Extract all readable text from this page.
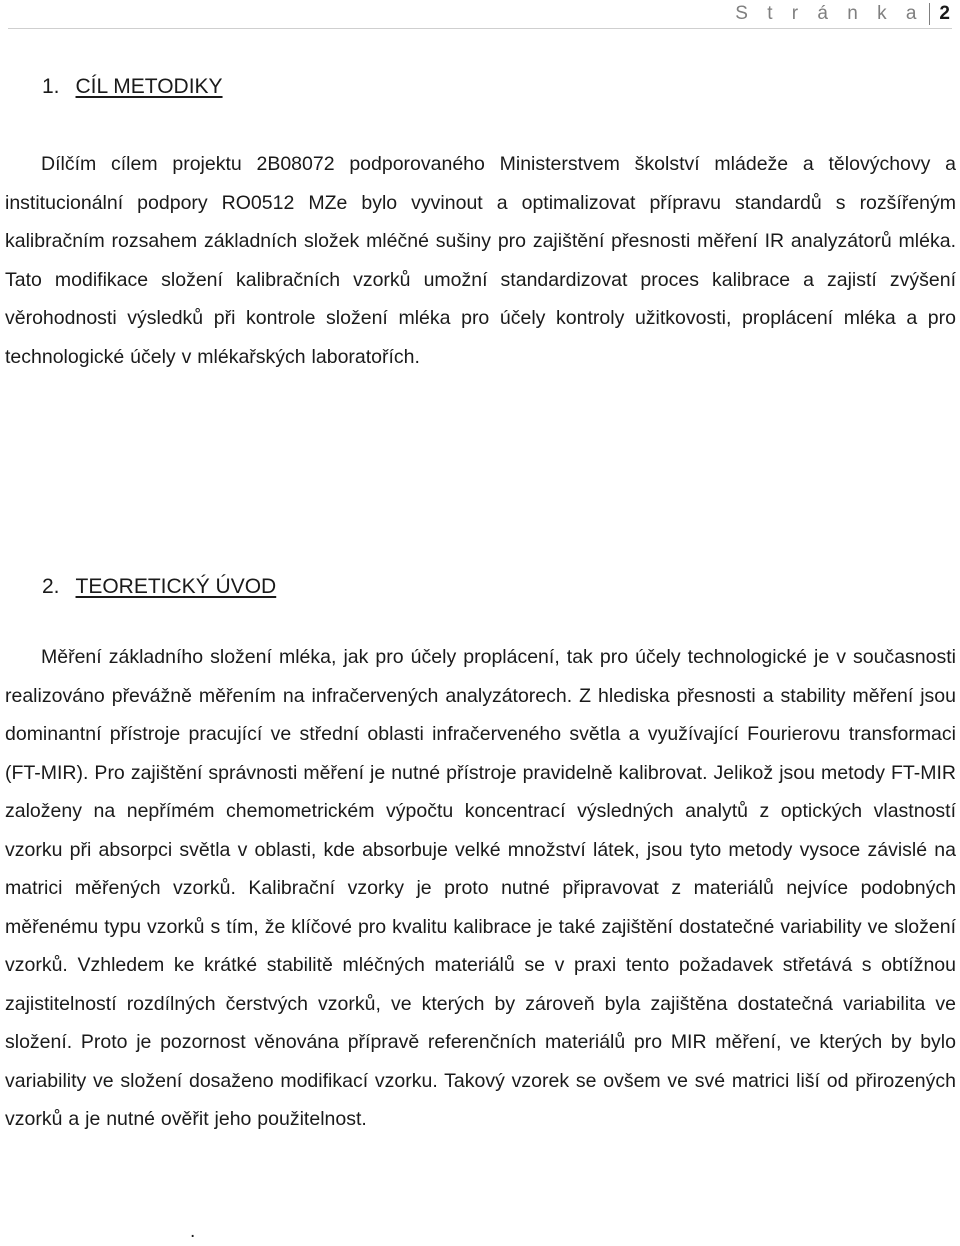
S t r á n k a 2
1. CÍL METODIKY

Dílčím cílem projektu 2B08072 podporovaného Ministerstvem školství mládeže a tělovýchovy a institucionální podpory RO0512 MZe bylo vyvinout a optimalizovat přípravu standardů s rozšířeným kalibračním rozsahem základních složek mléčné sušiny pro zajištění přesnosti měření IR analyzátorů mléka. Tato modifikace složení kalibračních vzorků umožní standardizovat proces kalibrace a zajistí zvýšení věrohodnosti výsledků při kontrole složení mléka pro účely kontroly užitkovosti, proplácení mléka a pro technologické účely v mlékařských laboratořích.

2. TEORETICKÝ ÚVOD

Měření základního složení mléka, jak pro účely proplácení, tak pro účely technologické je v současnosti realizováno převážně měřením na infračervených analyzátorech. Z hlediska přesnosti a stability měření jsou dominantní přístroje pracující ve střední oblasti infračerveného světla a využívající Fourierovu transformaci (FT-MIR). Pro zajištění správnosti měření je nutné přístroje pravidelně kalibrovat. Jelikož jsou metody FT-MIR založeny na nepřímém chemometrickém výpočtu koncentrací výsledných analytů z optických vlastností vzorku při absorpci světla v oblasti, kde absorbuje velké množství látek, jsou tyto metody vysoce závislé na matrici měřených vzorků. Kalibrační vzorky je proto nutné připravovat z materiálů nejvíce podobných měřenému typu vzorků s tím, že klíčové pro kvalitu kalibrace je také zajištění dostatečné variability ve složení vzorků. Vzhledem ke krátké stabilitě mléčných materiálů se v praxi tento požadavek střetává s obtížnou zajistitelností rozdílných čerstvých vzorků, ve kterých by zároveň byla zajištěna dostatečná variabilita ve složení. Proto je pozornost věnována přípravě referenčních materiálů pro MIR měření, ve kterých by bylo variability ve složení dosaženo modifikací vzorku. Takový vzorek se ovšem ve své matrici liší od přirozených vzorků a je nutné ověřit jeho použitelnost.

.
